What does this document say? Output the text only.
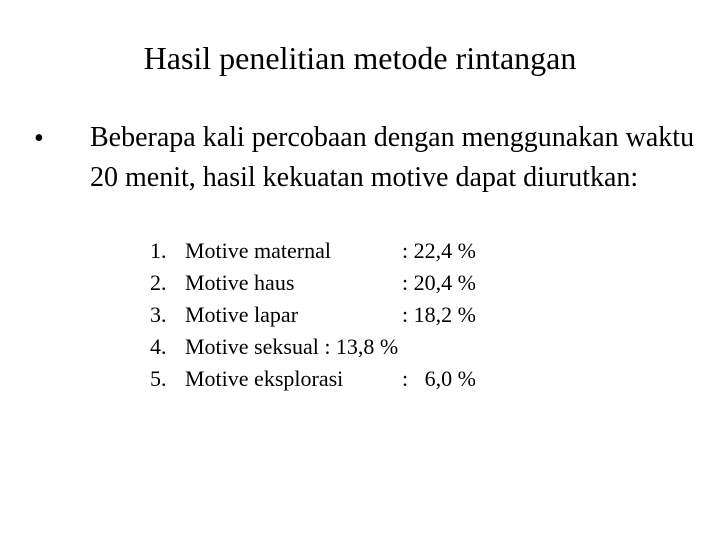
Hasil penelitian metode rintangan
• Beberapa kali percobaan dengan menggunakan waktu 20 menit, hasil kekuatan motive dapat diurutkan:
1. Motive maternal	: 22,4 %
2. Motive haus	: 20,4 %
3. Motive lapar	: 18,2 %
4. Motive seksual : 13,8 %
5. Motive eksplorasi	:   6,0 %
